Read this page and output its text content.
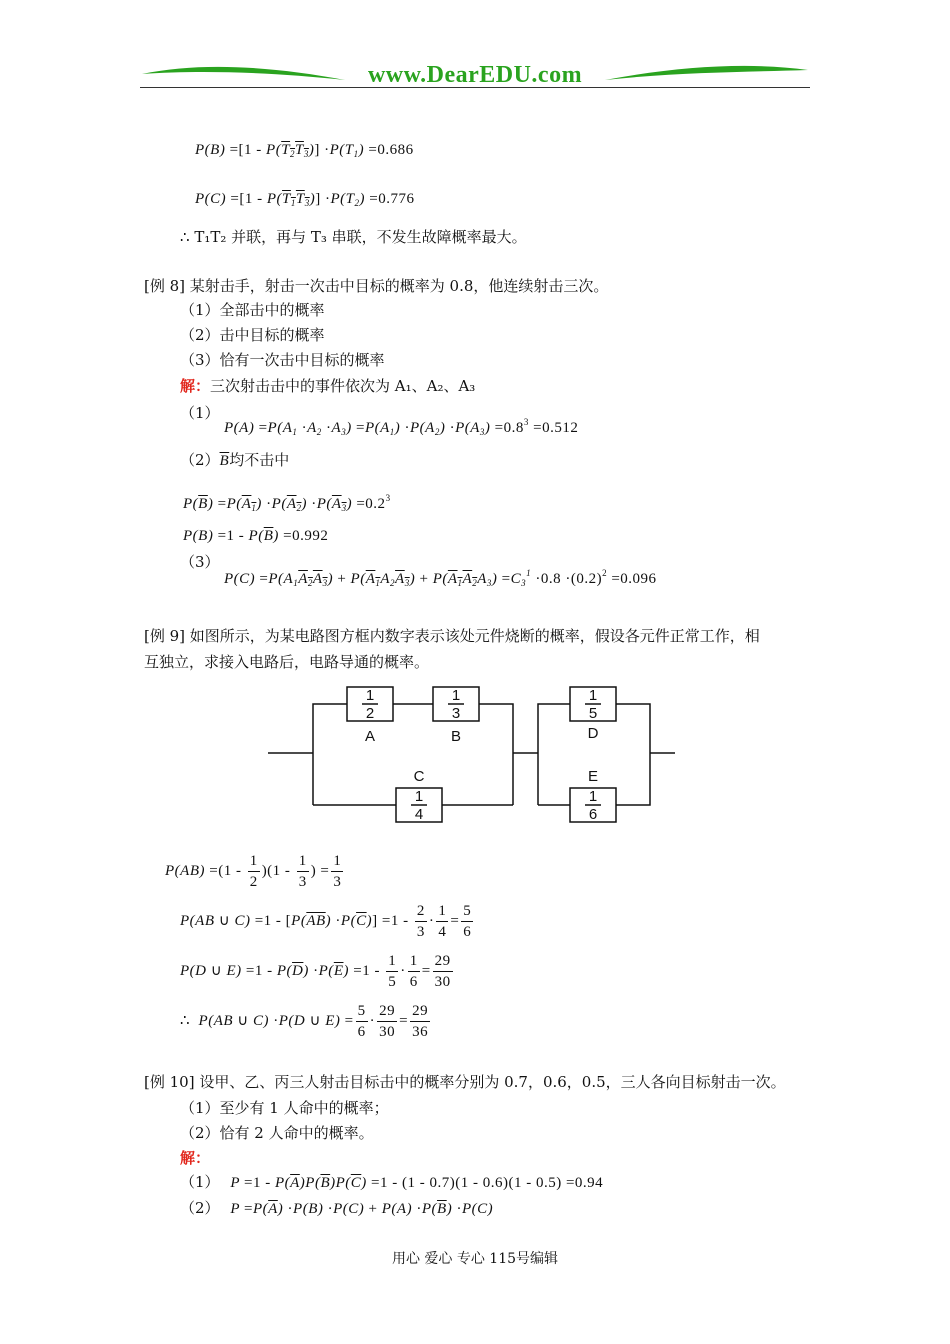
www.DearEDU.com
$P(B) =[1 - P(T_2T_3)] \cdot P(T_1) =0.686$
$P(C) =[1 - P(T_1T_3)] \cdot P(T_2) =0.776$
∴ T₁T₂ 并联，再与 T₃ 串联，不发生故障概率最大。
[例 8] 某射击手，射击一次击中目标的概率为 0.8，他连续射击三次。
（1）全部击中的概率
（2）击中目标的概率
（3）恰有一次击中目标的概率
解：三次射击击中的事件依次为 A₁、A₂、A₃
（1）
$P(A) =P(A_1 \cdot A_2 \cdot A_3) =P(A_1) \cdot P(A_2) \cdot P(A_3) =0.8^3 =0.512$
$(2)\overline{B}$均不击中
$P(\overline{B}) =P(A_1) \cdot P(A_2) \cdot P(A_3) =0.2^3$
$P(B) =1 - P(\overline{B}) =0.992$
（3）
$P(C) =P(A_1A_2A_3) + P(A_1A_2A_3) + P(A_1A_2A_3) =C_3^1 \cdot 0.8 \cdot(0.2)^2 =0.096$
[例 9] 如图所示，为某电路图方框内数字表示该处元件烧断的概率，假设各元件正常工作，相
互独立，求接入电路后，电路导通的概率。
1
2
A
1
3
B
C
1
4
1
5
D
E
1
6
$P(AB) =(1 - \frac{1}{2} )(1 - \frac{1}{3}$ ) = $\frac{1}{3}$
P(AB ∪ $C) =1 - [P(\overline{AB}) \cdot P(\overline{C})] =1 - \frac{2}{3} \cdot \frac{1}{4} = \frac{5}{6}$
P(D ∪ $E) =1 - P(\overline{D}) \cdot P(\overline{E}) =1 - \frac{1}{5} \cdot \frac{1}{6} = \frac{29}{30}$
∴  P(AB ∪ C) ·P(D ∪ $E) = \frac{5}{6} \cdot \frac{29}{30} = \frac{29}{36}$
[例 10] 设甲、乙、丙三人射击目标击中的概率分别为 0.7，0.6，0.5，三人各向目标射击一次。
（1）至少有 1 人命中的概率；
（2）恰有 2 人命中的概率。
解：
（1） $P =1 - P(\overline{A})P(\overline{B})P(\overline{C}) =1 - (1 - 0.7)(1 - 0.6)(1 - 0.5) =0.94$
（2） $P =P(\overline{A}) \cdot P(B) \cdot P(C) + P(A) \cdot P(\overline{B}) \cdot P(C)$
用心 爱心 专心 115号编辑
